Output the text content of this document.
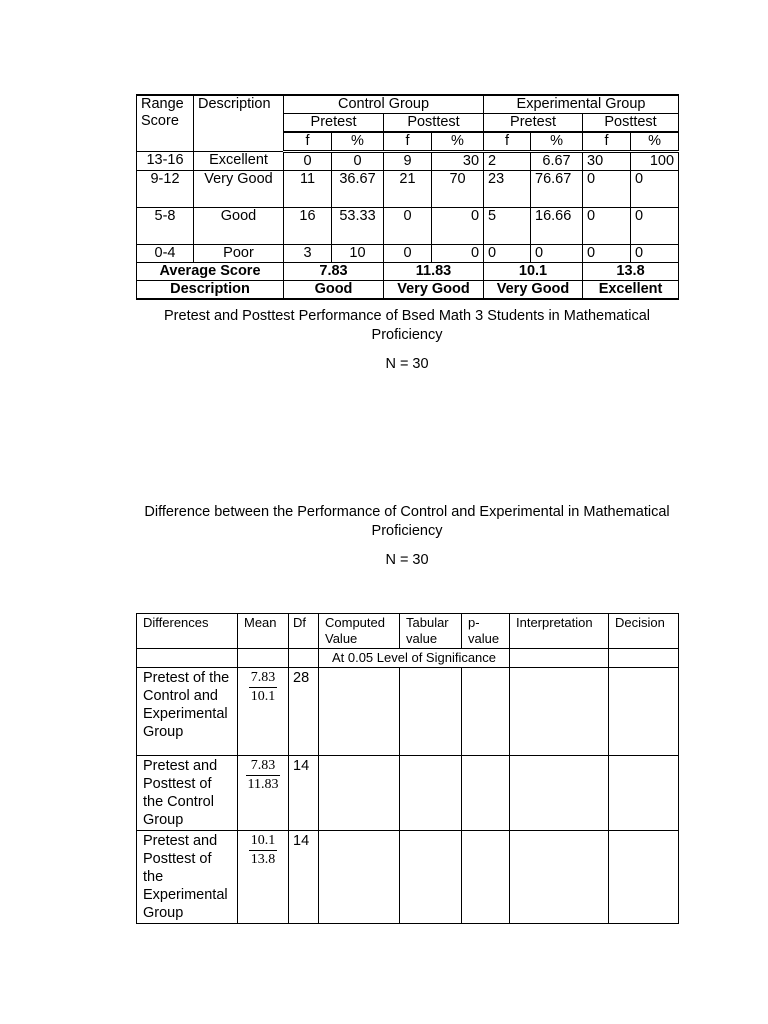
Range Score	Description	Control Group				Experimental Group			
		Pretest		Posttest		Pretest		Posttest	
		f	%	f	%	f	%	f	%
13-16	Excellent	0	0	9	30	2	6.67	30	100
9-12	Very Good	11	36.67	21	70	23	76.67	0	0
5-8	Good	16	53.33	0	0	5	16.66	0	0
0-4	Poor	3	10	0	0	0	0	0	0
Average Score		7.83		11.83		10.1		13.8	
Description		Good		Very Good		Very Good		Excellent	
Pretest and Posttest Performance of Bsed Math 3 Students in Mathematical Proficiency
N = 30
Difference between the Performance of Control and Experimental in Mathematical Proficiency
N = 30
Differences	Mean	Df	Computed Value	Tabular value	p-value	Interpretation	Decision
			At 0.05 Level of Significance				
Pretest of the Control and Experimental Group	$\frac{7.83}{10.1}$	28					
Pretest and Posttest of the Control Group	$\frac{7.83}{11.83}$	14					
Pretest and Posttest of the Experimental Group	$\frac{10.1}{13.8}$	14					
